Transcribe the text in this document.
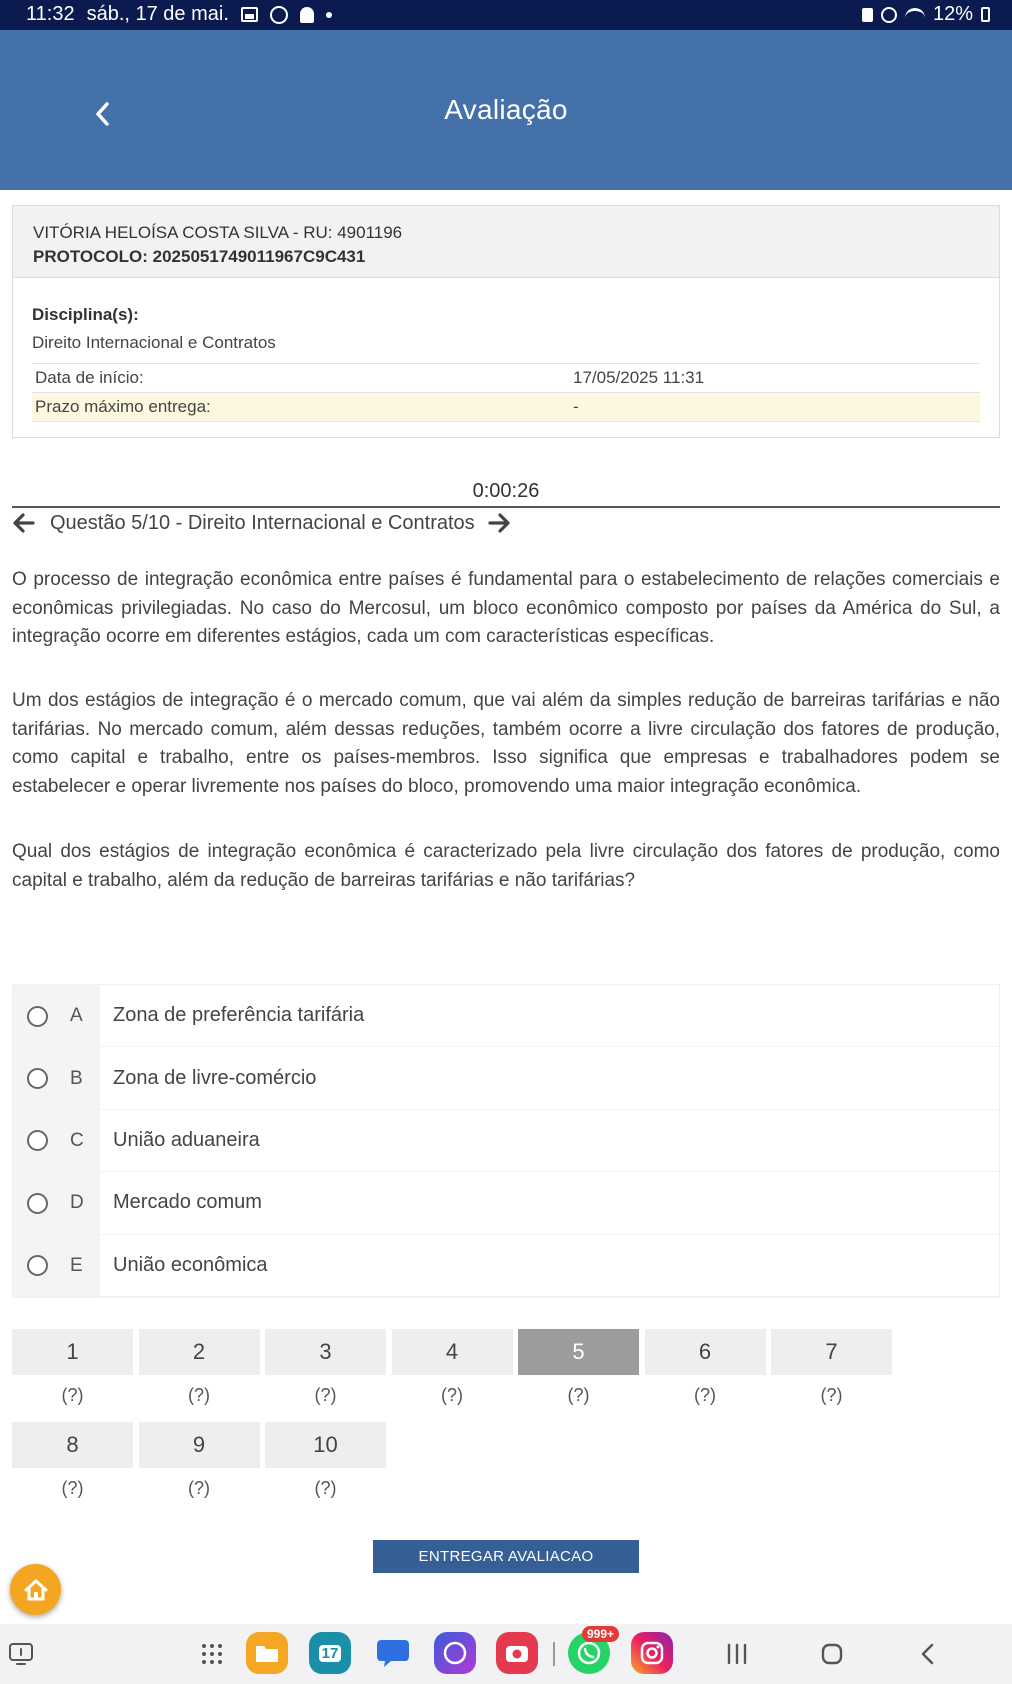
11:32 sáb., 17 de mai.	12%
Avaliação
VITÓRIA HELOÍSA COSTA SILVA - RU: 4901196
PROTOCOLO: 2025051749011967C9C431
Disciplina(s):
Direito Internacional e Contratos
Data de início:	17/05/2025 11:31
Prazo máximo entrega:	-
0:00:26
Questão 5/10 - Direito Internacional e Contratos

O processo de integração econômica entre países é fundamental para o estabelecimento de relações comerciais e econômicas privilegiadas. No caso do Mercosul, um bloco econômico composto por países da América do Sul, a integração ocorre em diferentes estágios, cada um com características específicas.

Um dos estágios de integração é o mercado comum, que vai além da simples redução de barreiras tarifárias e não tarifárias. No mercado comum, além dessas reduções, também ocorre a livre circulação dos fatores de produção, como capital e trabalho, entre os países-membros. Isso significa que empresas e trabalhadores podem se estabelecer e operar livremente nos países do bloco, promovendo uma maior integração econômica.

Qual dos estágios de integração econômica é caracterizado pela livre circulação dos fatores de produção, como capital e trabalho, além da redução de barreiras tarifárias e não tarifárias?

A	Zona de preferência tarifária
B	Zona de livre-comércio
C	União aduaneira
D	Mercado comum
E	União econômica
1
(?)
2
(?)
3
(?)
4
(?)
5
(?)
6
(?)
7
(?)
8
(?)
9
(?)
10
(?)
ENTREGAR AVALIACAO
17
999+
